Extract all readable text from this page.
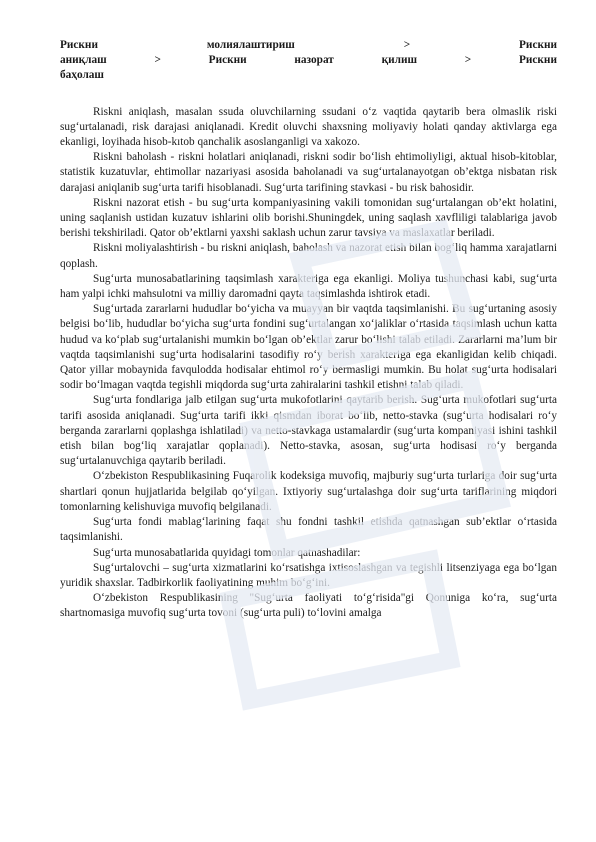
Рискни	молиялаштириш	>	Рискни
аниқлаш	>	Рискни	назорат	қилиш	>	Рискни
баҳолаш

Riskni aniqlash, masalan ssuda oluvchilarning ssudani o‘z vaqtida qaytarib bera olmaslik riski sug‘urtalanadi, risk darajasi aniqlanadi. Kredit oluvchi shaxsning moliyaviy holati qanday aktivlarga ega ekanligi, loyihada hisob-kıtob qanchalik asoslanganligi va xakozo.

Riskni baholash - riskni holatlari aniqlanadi, riskni sodir bo‘lish ehtimoliyligi, aktual hisob-kitoblar, statistik kuzatuvlar, ehtimollar nazariyasi asosida baholanadi va sug‘urtalanayotgan ob’ektga nisbatan risk darajasi aniqlanib sug‘urta tarifi hisoblanadi. Sug‘urta tarifining stavkasi - bu risk bahosidir.

Riskni nazorat etish - bu sug‘urta kompaniyasining vakili tomonidan sug‘urtalangan ob’ekt holatini, uning saqlanish ustidan kuzatuv ishlarini olib borishi.Shuningdek, uning saqlash xavfliligi talablariga javob berishi tekshiriladi. Qator ob’ektlarni yaxshi saklash uchun zarur tavsiya va maslaxatlar beriladi.

Riskni moliyalashtirish - bu riskni aniqlash, baholash va nazorat etish bilan bog‘liq hamma xarajatlarni qoplash.

Sug‘urta munosabatlarining taqsimlash xarakteriga ega ekanligi. Moliya tushunchasi kabi, sug‘urta ham yalpi ichki mahsulotni va milliy daromadni qayta taqsimlashda ishtirok etadi.

Sug‘urtada zararlarni hududlar bo‘yicha va muayyan bir vaqtda taqsimlanishi. Bu sug‘urtaning asosiy belgisi bo‘lib, hududlar bo‘yicha sug‘urta fondini sug‘urtalangan xo‘jaliklar o‘rtasida taqsimlash uchun katta hudud va ko‘plab sug‘urtalanishi mumkin bo‘lgan ob’ektlar zarur bo‘lishi talab etiladi. Zararlarni ma’lum bir vaqtda taqsimlanishi sug‘urta hodisalarini tasodifiy ro‘y berish xarakteriga ega ekanligidan kelib chiqadi. Qator yillar mobaynida favqulodda hodisalar ehtimol ro‘y bermasligi mumkin. Bu holat sug‘urta hodisalari sodir bo‘lmagan vaqtda tegishli miqdorda sug‘urta zahiralarini tashkil etishni talab qiladi.

Sug‘urta fondlariga jalb etilgan sug‘urta mukofotlarini qaytarib berish. Sug‘urta mukofotlari sug‘urta tarifi asosida aniqlanadi. Sug‘urta tarifi ikki qismdan iborat bo‘lib, netto-stavka (sug‘urta hodisalari ro‘y berganda zararlarni qoplashga ishlatiladi) va netto-stavkaga ustamalardir (sug‘urta kompaniyasi ishini tashkil etish bilan bog‘liq xarajatlar qoplanadi). Netto-stavka, asosan, sug‘urta hodisasi ro‘y berganda sug‘urtalanuvchiga qaytarib beriladi.

O‘zbekiston Respublikasining Fuqarolik kodeksiga muvofiq, majburiy sug‘urta turlariga doir sug‘urta shartlari qonun hujjatlarida belgilab qo‘yilgan. Ixtiyoriy sug‘urtalashga doir sug‘urta tariflarining miqdori tomonlarning kelishuviga muvofiq belgilanadi.

Sug‘urta fondi mablag‘larining faqat shu fondni tashkil etishda qatnashgan sub’ektlar o‘rtasida taqsimlanishi.

Sug‘urta munosabatlarida quyidagi tomonlar qatnashadilar:

Sug‘urtalovchi – sug‘urta xizmatlarini ko‘rsatishga ixtisoslashgan va tegishli litsenziyaga ega bo‘lgan yuridik shaxslar. Tadbirkorlik faoliyatining muhim bo‘g‘ini.

O‘zbekiston Respublikasining "Sug‘urta faoliyati to‘g‘risida"gi Qonuniga ko‘ra, sug‘urta shartnomasiga muvofiq sug‘urta tovoni (sug‘urta puli) to‘lovini amalga
